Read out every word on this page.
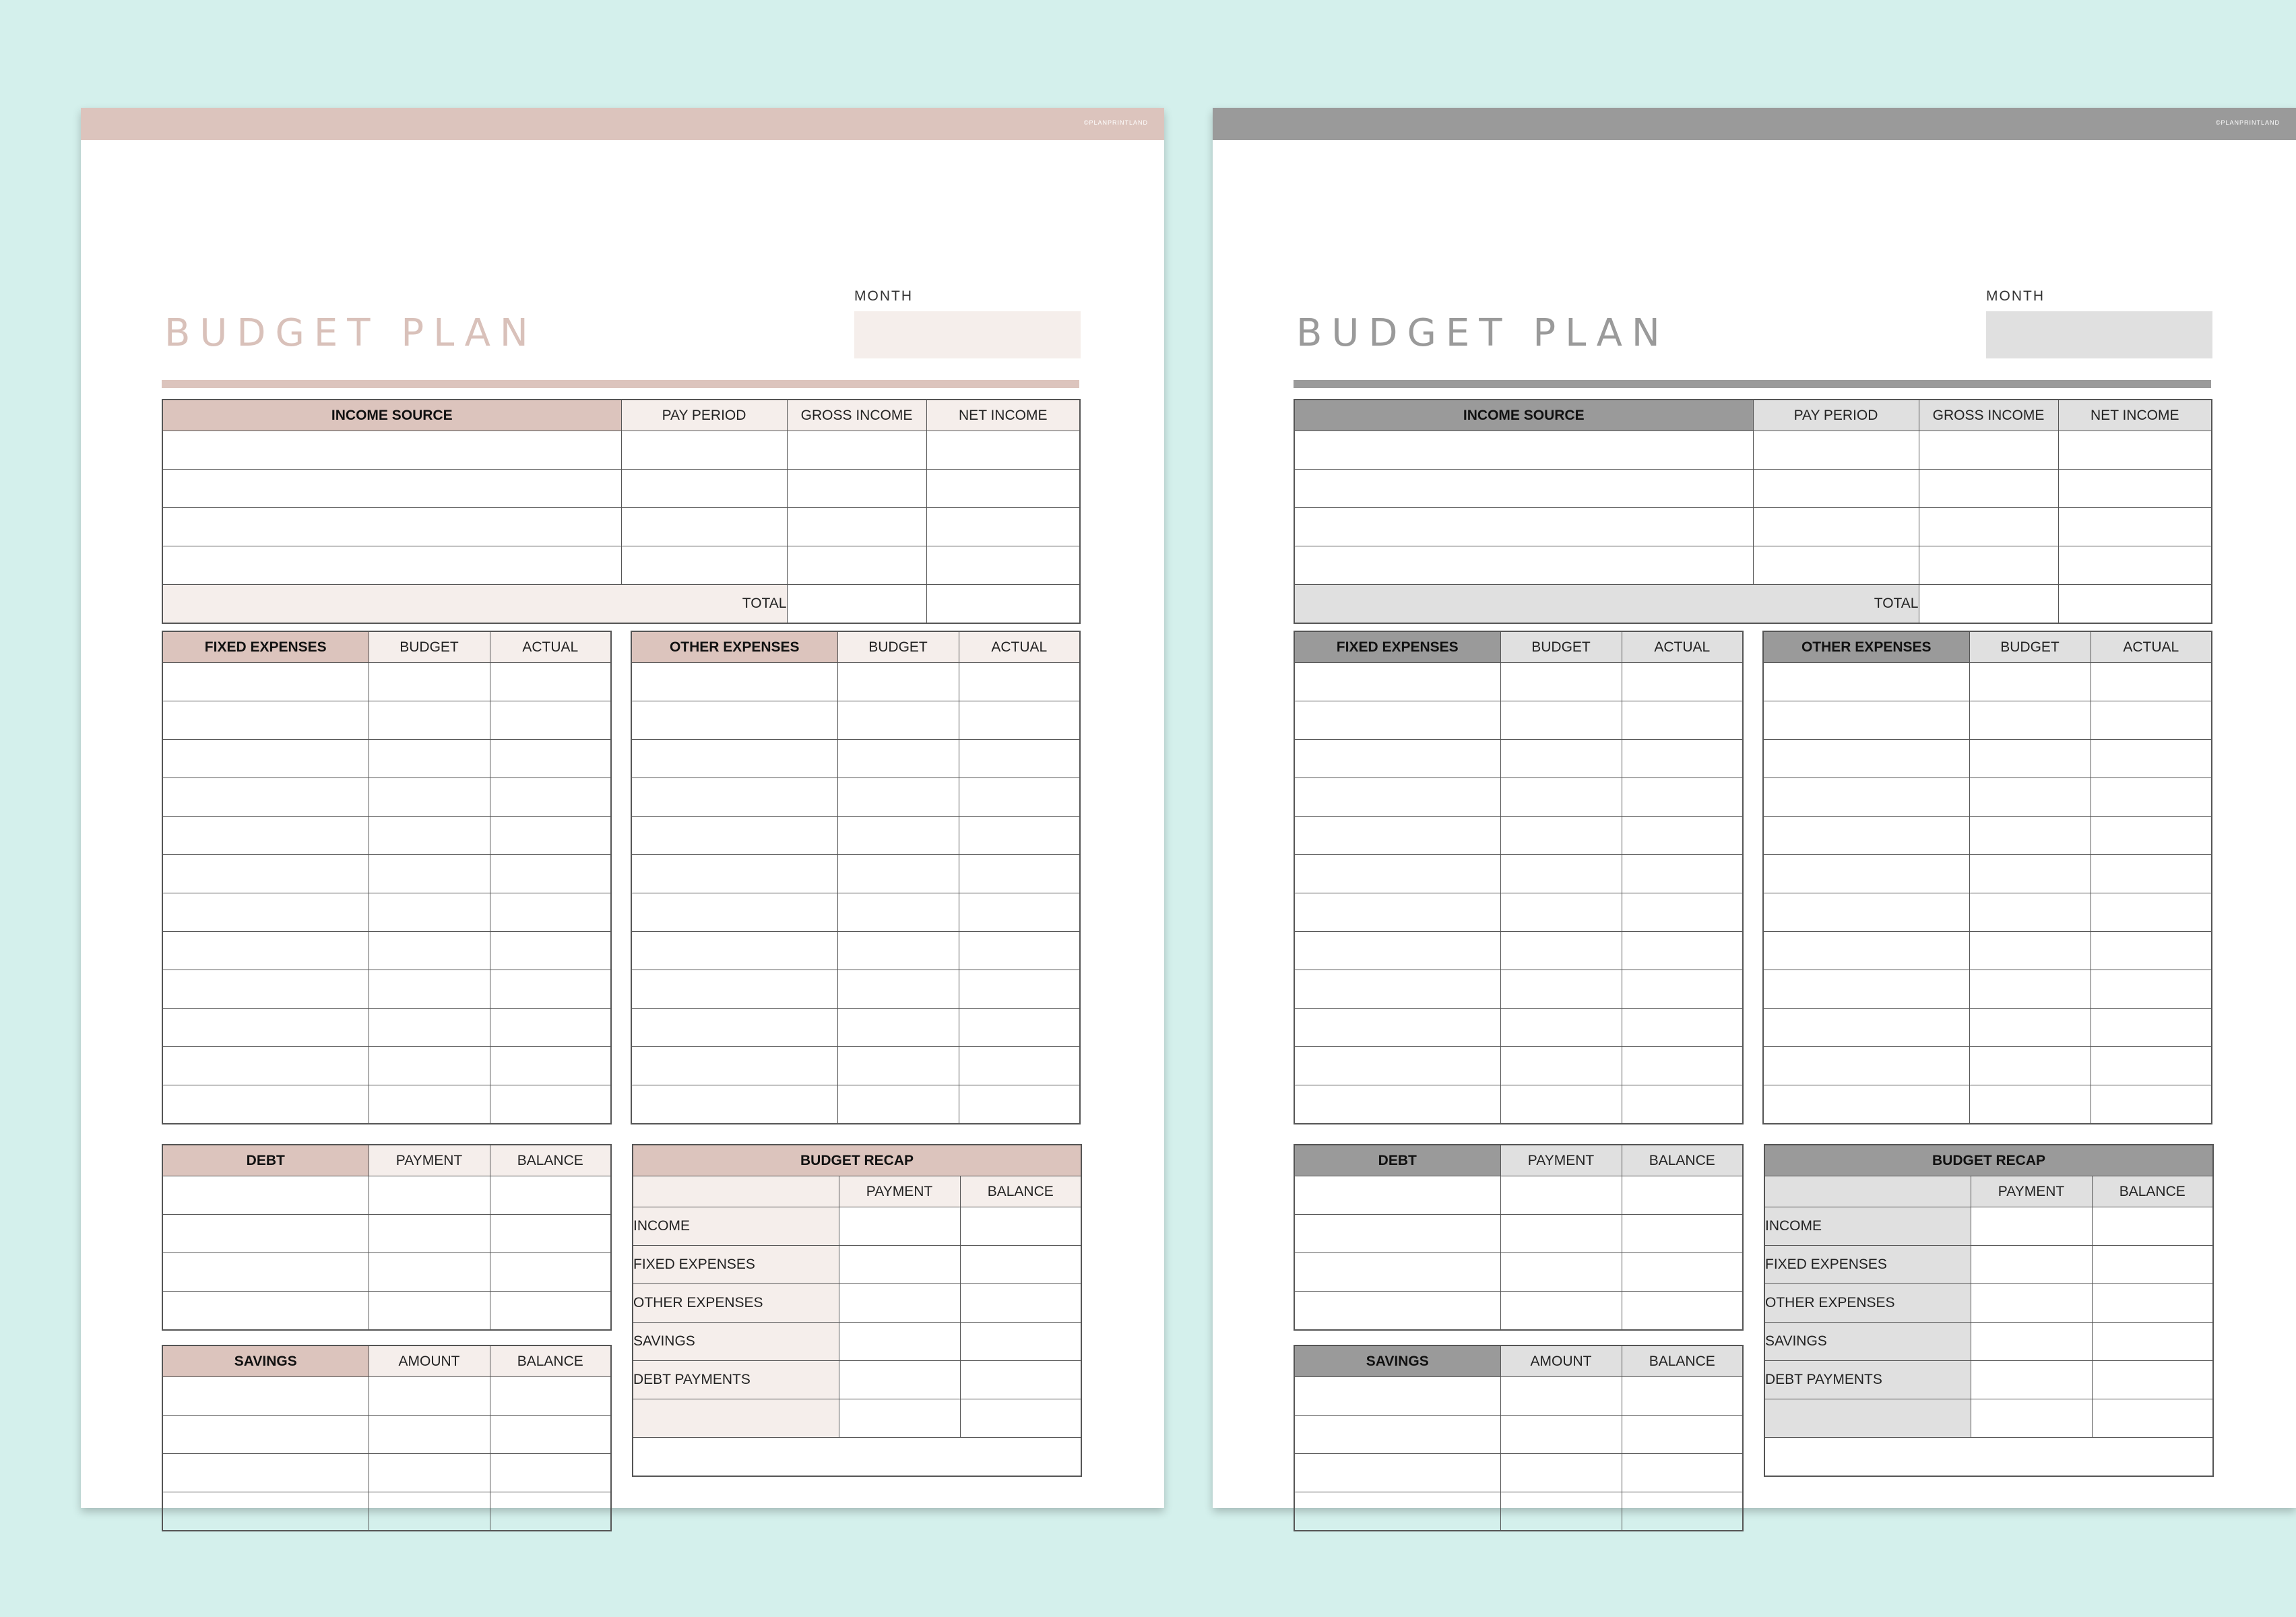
©PLANPRINTLAND
BUDGET PLAN
MONTH
INCOME SOURCE	PAY PERIOD	GROSS INCOME	NET INCOME

TOTAL			
FIXED EXPENSES	BUDGET	ACTUAL

			OTHER EXPENSES	BUDGET	ACTUAL

DEBT	PAYMENT	BALANCE

SAVINGS	AMOUNT	BALANCE

BUDGET RECAP		
	PAYMENT	BALANCE
INCOME		
FIXED EXPENSES		
OTHER EXPENSES		
SAVINGS		
DEBT PAYMENTS		

©PLANPRINTLAND
BUDGET PLAN
MONTH
INCOME SOURCE	PAY PERIOD	GROSS INCOME	NET INCOME

TOTAL			
FIXED EXPENSES	BUDGET	ACTUAL

			OTHER EXPENSES	BUDGET	ACTUAL

DEBT	PAYMENT	BALANCE

SAVINGS	AMOUNT	BALANCE

BUDGET RECAP		
	PAYMENT	BALANCE
INCOME		
FIXED EXPENSES		
OTHER EXPENSES		
SAVINGS		
DEBT PAYMENTS		
